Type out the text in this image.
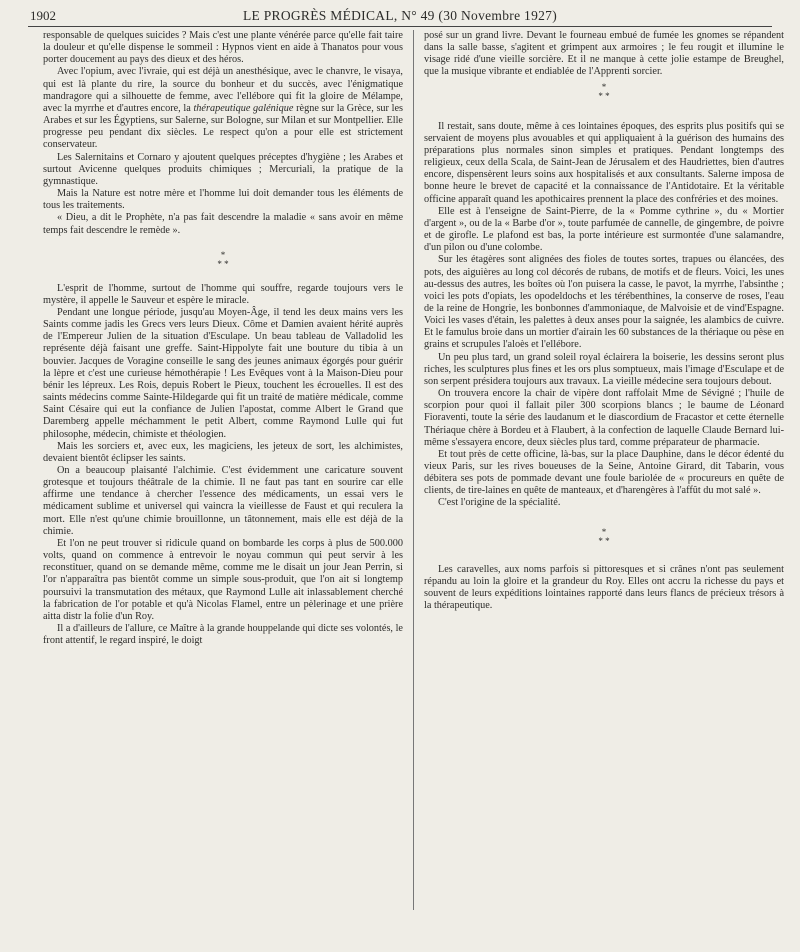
1902	LE PROGRÈS MÉDICAL, N° 49 (30 Novembre 1927)

responsable de quelques suicides ? Mais c'est une plante vénérée parce qu'elle fait taire la douleur et qu'elle dispense le sommeil : Hypnos vient en aide à Thanatos pour vous porter doucement au pays des dieux et des héros.

Avec l'opium, avec l'ivraie, qui est déjà un anesthésique, avec le chanvre, le visaya, qui est là plante du rire, la source du bonheur et du succès, avec l'énigmatique mandragore qui a silhouette de femme, avec l'ellébore qui fit la gloire de Mélampe, avec la myrrhe et d'autres encore, la thérapeutique galénique règne sur la Grèce, sur les Arabes et sur les Égyptiens, sur Salerne, sur Bologne, sur Milan et sur Montpellier. Elle progresse peu pendant dix siècles. Le respect qu'on a pour elle est strictement conservateur.

Les Salernitains et Cornaro y ajoutent quelques préceptes d'hygiène ; les Arabes et surtout Avicenne quelques produits chimiques ; Mercuriali, la pratique de la gymnastique.

Mais la Nature est notre mère et l'homme lui doit demander tous les éléments de tous les traitements.

« Dieu, a dit le Prophète, n'a pas fait descendre la maladie « sans avoir en même temps fait descendre le remède ».

*
* *

L'esprit de l'homme, surtout de l'homme qui souffre, regarde toujours vers le mystère, il appelle le Sauveur et espère le miracle.

Pendant une longue période, jusqu'au Moyen-Âge, il tend les deux mains vers les Saints comme jadis les Grecs vers leurs Dieux. Côme et Damien avaient hérité auprès de l'Empereur Julien de la situation d'Esculape. Un beau tableau de Valladolid les représente déjà faisant une greffe. Saint-Hippolyte fait une bouture du tibia à un bouvier. Jacques de Voragine conseille le sang des jeunes animaux égorgés pour guérir la lèpre et c'est une curieuse hémothérapie ! Les Evêques vont à la Maison-Dieu pour bénir les lépreux. Les Rois, depuis Robert le Pieux, touchent les écrouelles. Il est des saints médecins comme Sainte-Hildegarde qui fit un traité de matière médicale, comme Saint Césaire qui eut la confiance de Julien l'apostat, comme Albert le Grand que Daremberg appelle méchamment le petit Albert, comme Raymond Lulle qui fut philosophe, médecin, chimiste et théologien.

Mais les sorciers et, avec eux, les magiciens, les jeteux de sort, les alchimistes, devaient bientôt éclipser les saints.

On a beaucoup plaisanté l'alchimie. C'est évidemment une caricature souvent grotesque et toujours théâtrale de la chimie. Il ne faut pas tant en sourire car elle affirme une tendance à chercher l'essence des médicaments, un essai vers le médicament sublime et universel qui vaincra la vieillesse de Faust et qui reculera la mort. Elle n'est qu'une chimie brouillonne, un tâtonnement, mais elle est déjà de la chimie.

Et l'on ne peut trouver si ridicule quand on bombarde les corps à plus de 500.000 volts, quand on commence à entrevoir le noyau commun qui peut servir à les reconstituer, quand on se demande même, comme me le disait un jour Jean Perrin, si l'or n'apparaîtra pas bientôt comme un simple sous-produit, que l'on ait si longtemp poursuivi la transmutation des métaux, que Raymond Lulle ait inlassablement cherché la fabrication de l'or potable et qu'à Nicolas Flamel, entre un pèlerinage et une prière aitta distr la folie d'un Roy.

Il a d'ailleurs de l'allure, ce Maître à la grande houppelande qui dicte ses volontés, le front attentif, le regard inspiré, le doigt

posé sur un grand livre. Devant le fourneau embué de fumée les gnomes se répandent dans la salle basse, s'agitent et grimpent aux armoires ; le feu rougit et illumine le visage ridé d'une vieille sorcière. Et il ne manque à cette jolie estampe de Breughel, que la musique vibrante et endiablée de l'Apprenti sorcier.

*
* *

Il restait, sans doute, même à ces lointaines époques, des esprits plus positifs qui se servaient de moyens plus avouables et qui appliquaient à la guérison des humains des préparations plus normales sinon simples et pratiques. Pendant longtemps des religieux, ceux della Scala, de Saint-Jean de Jérusalem et des Haudriettes, bien d'autres encore, dispensèrent leurs soins aux hospitalisés et aux consultants. Salerne imposa de bonne heure le brevet de capacité et la connaissance de l'Antidotaire. Et la véritable officine apparaît quand les apothicaires prennent la place des confréries et des moines.

Elle est à l'enseigne de Saint-Pierre, de la « Pomme cythrine », du « Mortier d'argent », ou de la « Barbe d'or », toute parfumée de cannelle, de gingembre, de poivre et de girofle. Le plafond est bas, la porte intérieure est surmontée d'une salamandre, d'un pilon ou d'une colombe.

Sur les étagères sont alignées des fioles de toutes sortes, trapues ou élancées, des pots, des aiguières au long col décorés de rubans, de motifs et de fleurs. Voici, les unes au-dessus des autres, les boîtes où l'on puisera la casse, le pavot, la myrrhe, l'absinthe ; voici les pots d'opiats, les opodeldochs et les térébenthines, la conserve de roses, l'eau de la reine de Hongrie, les bonbonnes d'ammoniaque, de Malvoisie et de vind'Espagne. Voici les vases d'étain, les palettes à deux anses pour la saignée, les alambics de cuivre. Et le famulus broie dans un mortier d'airain les 60 substances de la thériaque ou pèse en grains et scrupules l'aloès et l'ellébore.

Un peu plus tard, un grand soleil royal éclairera la boiserie, les dessins seront plus riches, les sculptures plus fines et les ors plus somptueux, mais l'image d'Esculape et de son serpent présidera toujours aux travaux. La vieille médecine sera toujours debout.

On trouvera encore la chair de vipère dont raffolait Mme de Sévigné ; l'huile de scorpion pour quoi il fallait piler 300 scorpions blancs ; le baume de Léonard Fioraventi, toute la série des laudanum et le diascordium de Fracastor et cette éternelle Thériaque chère à Bordeu et à Flaubert, à la confection de laquelle Claude Bernard lui-même s'essayera encore, deux siècles plus tard, comme préparateur de pharmacie.

Et tout près de cette officine, là-bas, sur la place Dauphine, dans le décor édenté du vieux Paris, sur les rives boueuses de la Seine, Antoine Girard, dit Tabarin, vous débitera ses pots de pommade devant une foule bariolée de « procureurs en quête de clients, de tire-laines en quête de manteaux, et d'harengères à l'affût du mot salé ».

C'est l'origine de la spécialité.

*
* *

Les caravelles, aux noms parfois si pittoresques et si crânes n'ont pas seulement répandu au loin la gloire et la grandeur du Roy. Elles ont accru la richesse du pays et souvent de leurs expéditions lointaines rapporté dans leurs flancs de précieux trésors à la thérapeutique.
